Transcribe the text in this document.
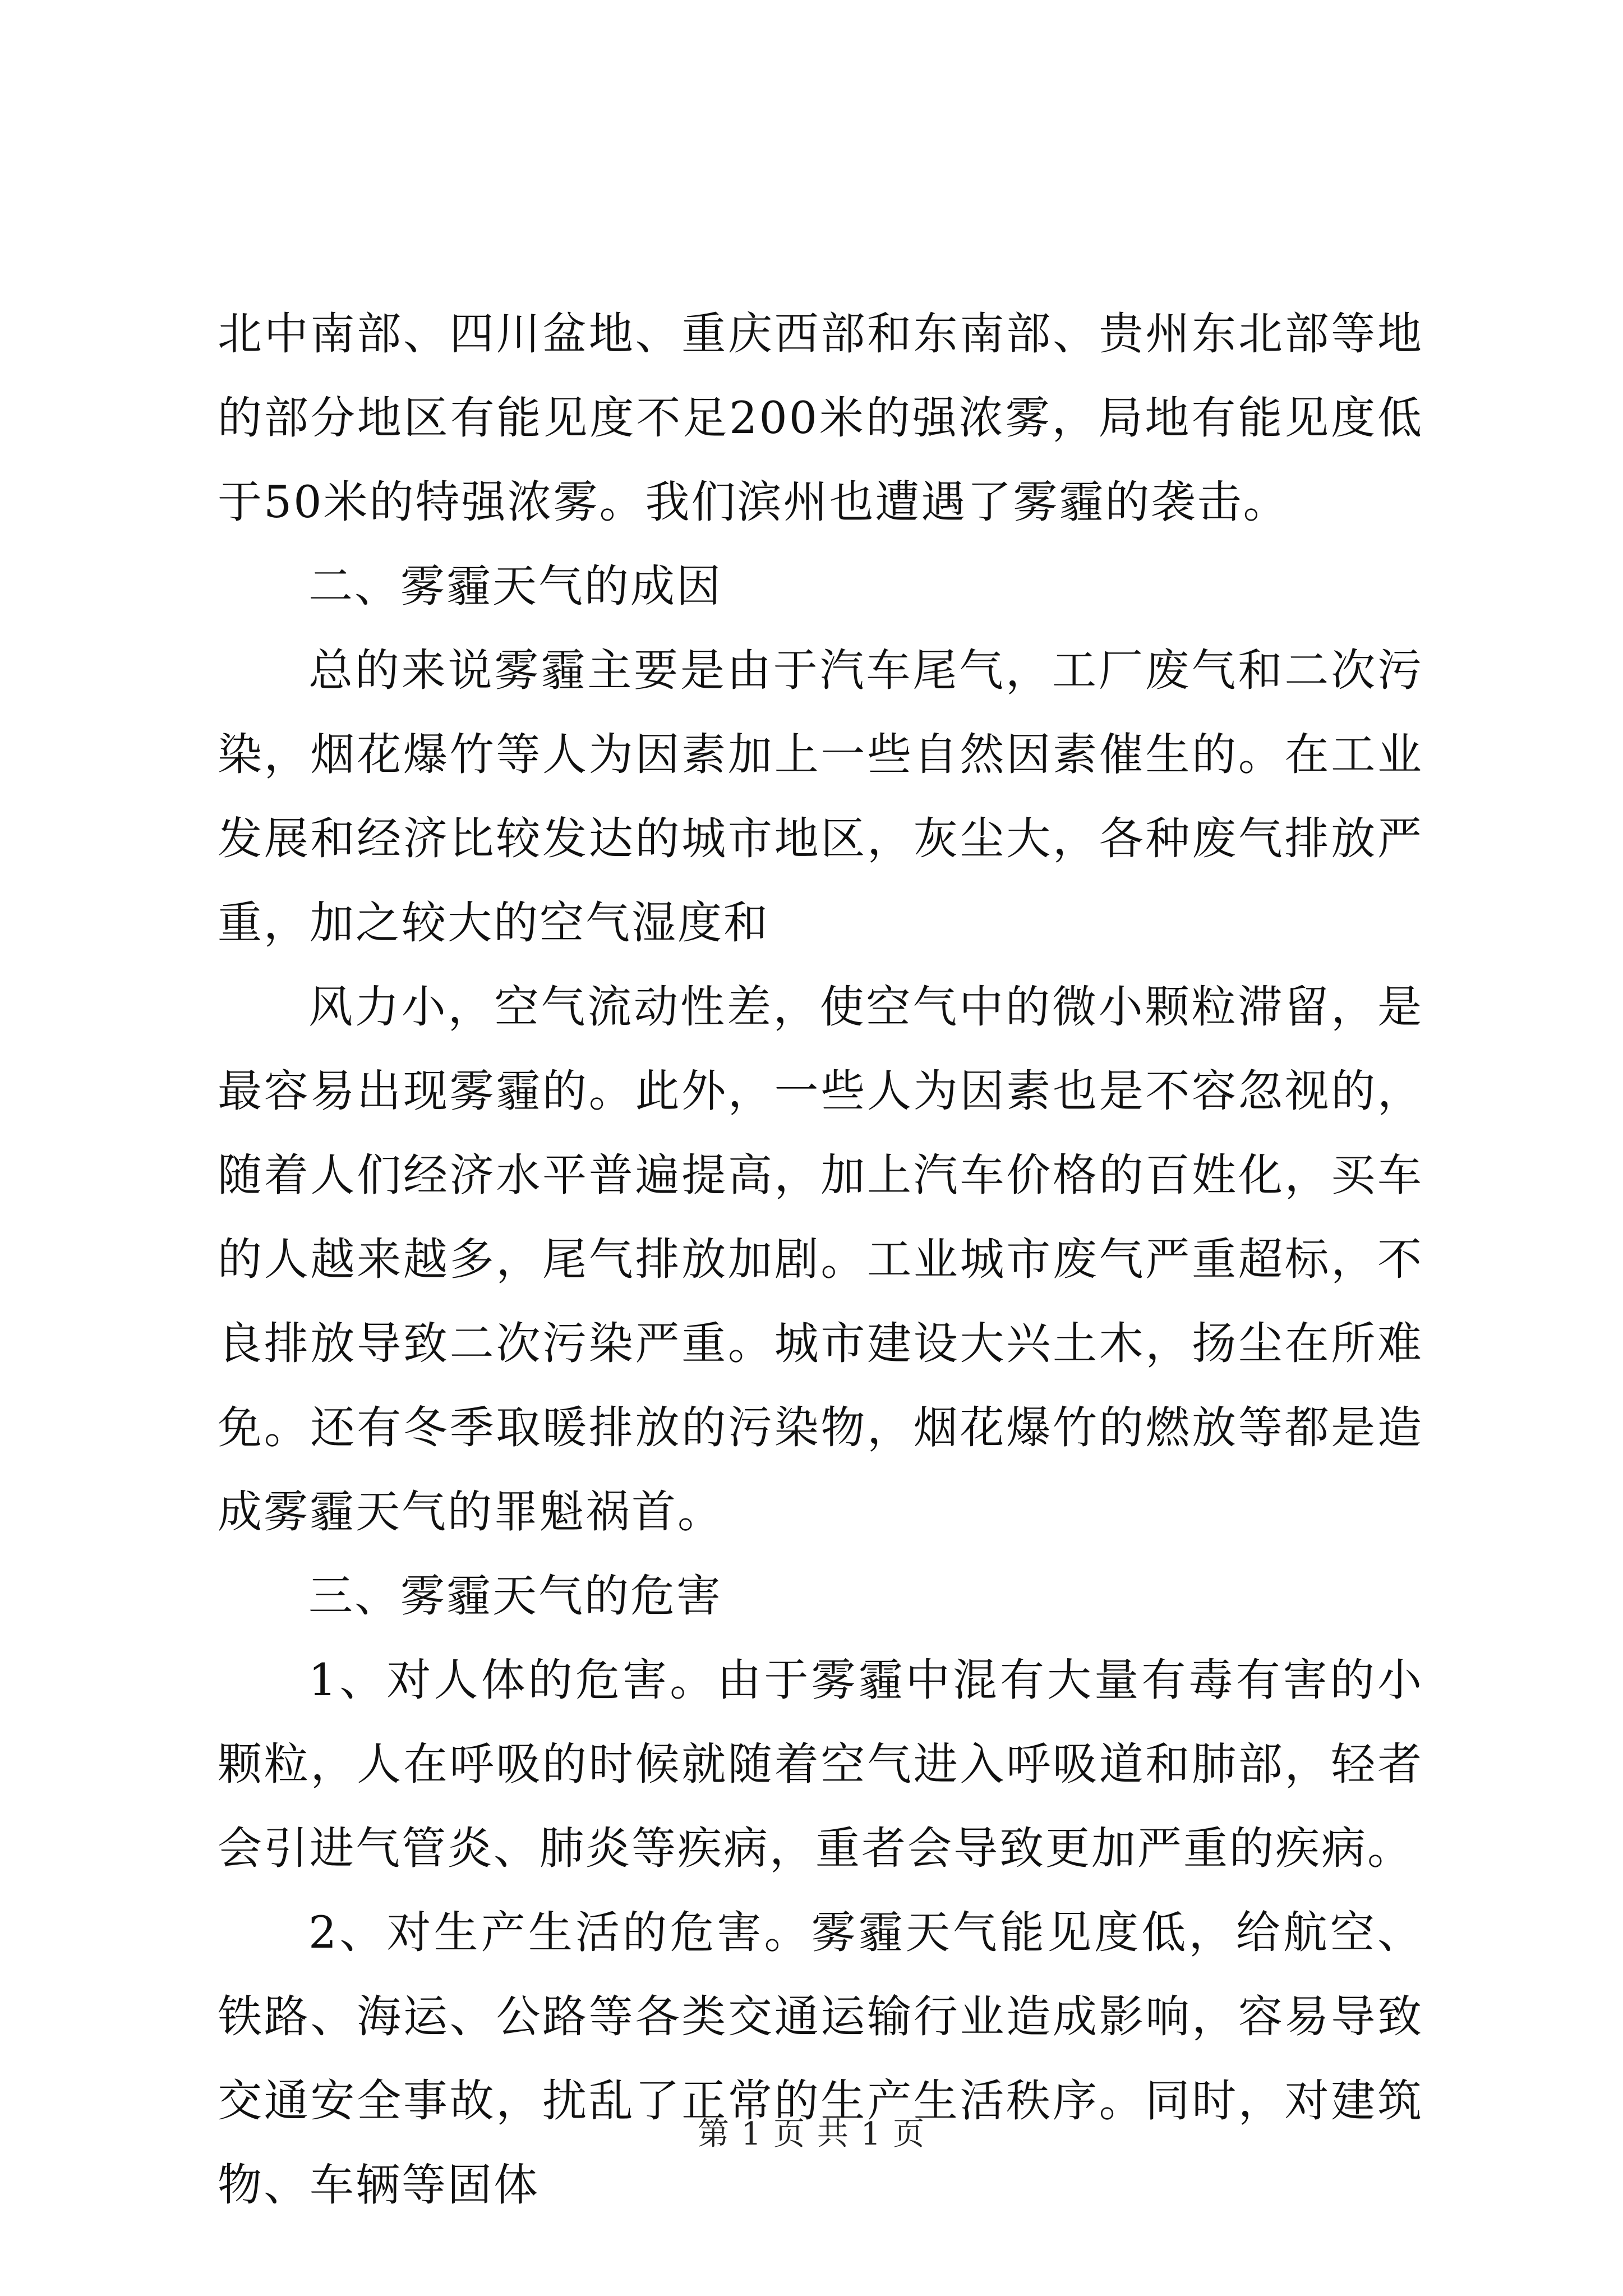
北中南部、四川盆地、重庆西部和东南部、贵州东北部等地的部分地区有能见度不足200米的强浓雾，局地有能见度低于50米的特强浓雾。我们滨州也遭遇了雾霾的袭击。

二、雾霾天气的成因

总的来说雾霾主要是由于汽车尾气，工厂废气和二次污染，烟花爆竹等人为因素加上一些自然因素催生的。在工业发展和经济比较发达的城市地区，灰尘大，各种废气排放严重，加之较大的空气湿度和

风力小，空气流动性差，使空气中的微小颗粒滞留，是最容易出现雾霾的。此外，一些人为因素也是不容忽视的，随着人们经济水平普遍提高，加上汽车价格的百姓化，买车的人越来越多，尾气排放加剧。工业城市废气严重超标，不良排放导致二次污染严重。城市建设大兴土木，扬尘在所难免。还有冬季取暖排放的污染物，烟花爆竹的燃放等都是造成雾霾天气的罪魁祸首。

三、雾霾天气的危害

1、对人体的危害。由于雾霾中混有大量有毒有害的小颗粒，人在呼吸的时候就随着空气进入呼吸道和肺部，轻者会引进气管炎、肺炎等疾病，重者会导致更加严重的疾病。

2、对生产生活的危害。雾霾天气能见度低，给航空、铁路、海运、公路等各类交通运输行业造成影响，容易导致交通安全事故，扰乱了正常的生产生活秩序。同时，对建筑物、车辆等固体

第 1 页 共 1 页
